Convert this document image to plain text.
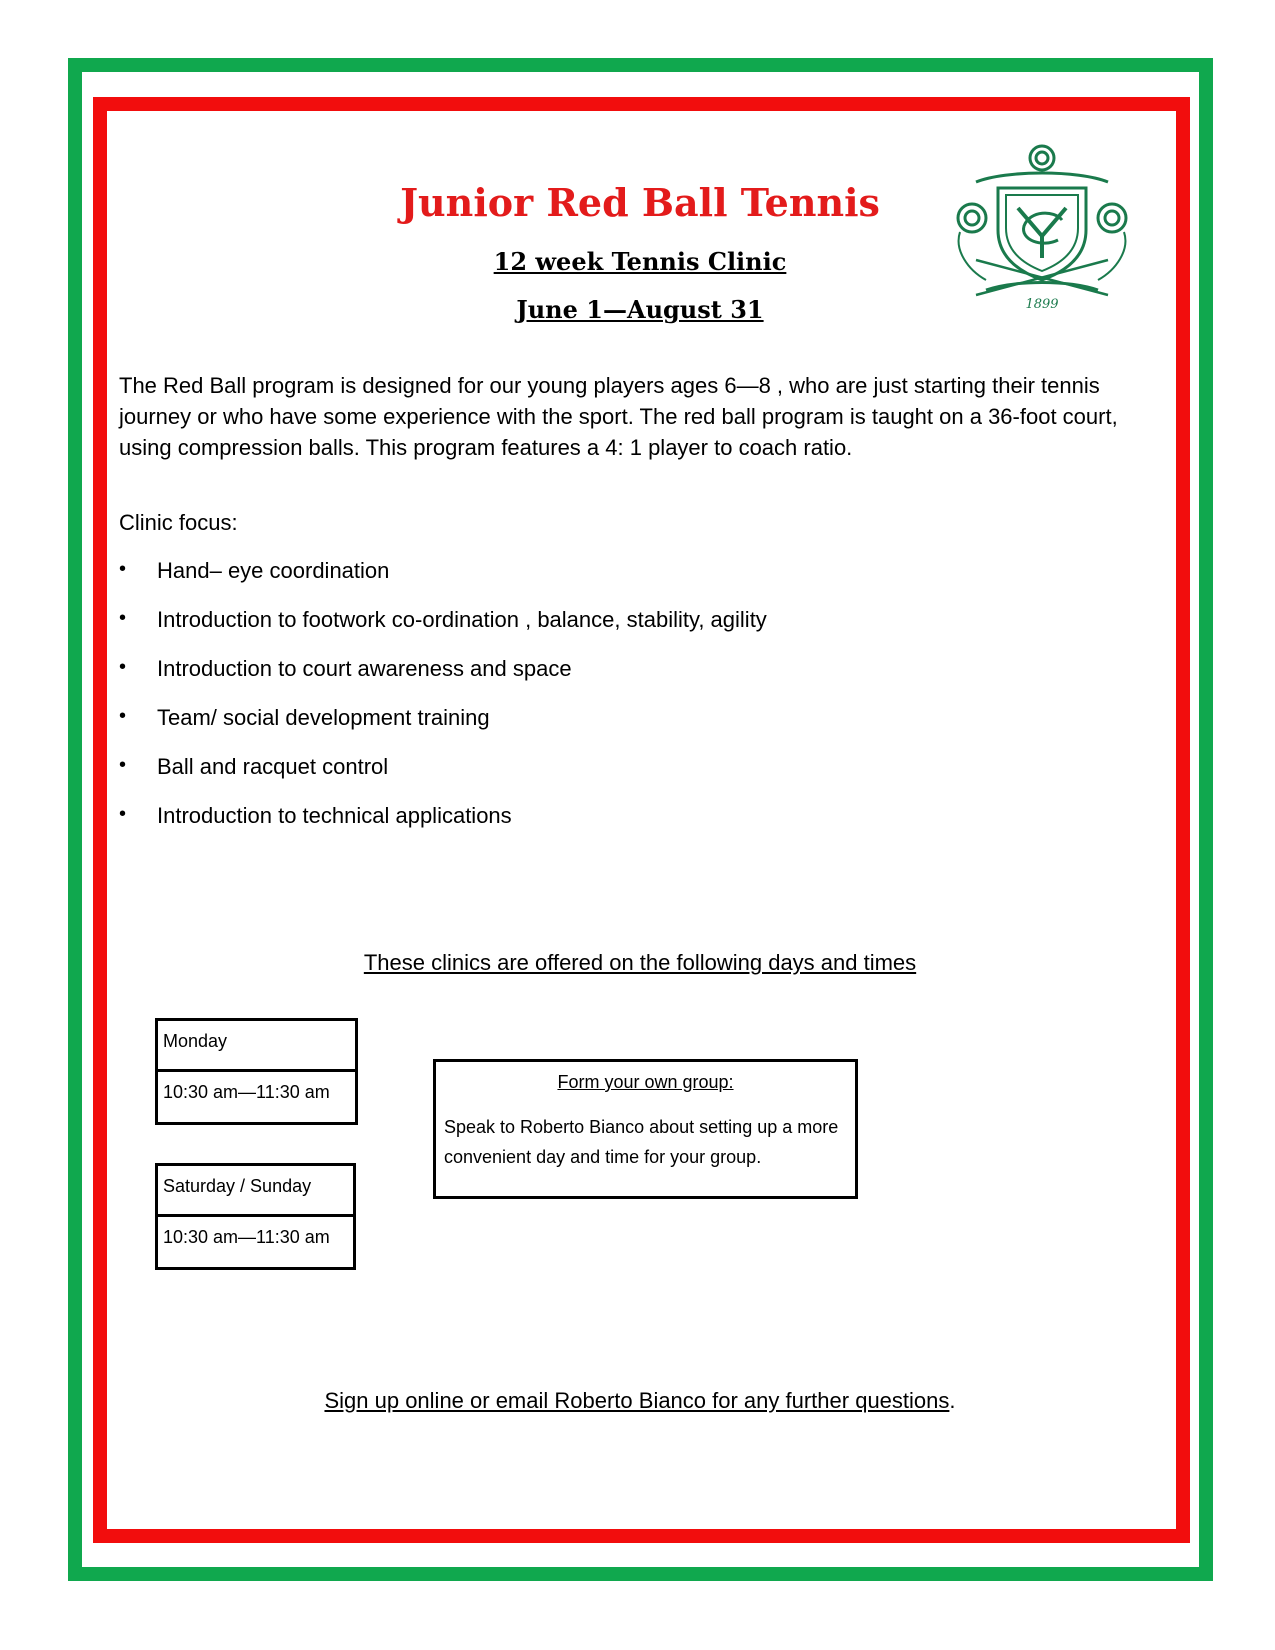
Junior Red Ball Tennis
12 week Tennis Clinic
June 1—August 31	1899
The Red Ball program is designed for our young players ages 6—8 , who are just starting their tennis journey or who have some experience with the sport. The red ball program is taught on a 36-foot court, using compression balls. This program features a 4: 1 player to coach ratio.
Clinic focus:
• Hand– eye coordination
• Introduction to footwork co-ordination , balance, stability, agility
• Introduction to court awareness and space
• Team/ social development training
• Ball and racquet control
• Introduction to technical applications
These clinics are offered on the following days and times
Monday
10:30 am—11:30 am
Saturday / Sunday
10:30 am—11:30 am
Form your own group:
Speak to Roberto Bianco about setting up a more convenient day and time for your group.
Sign up online or email Roberto Bianco for any further questions.
